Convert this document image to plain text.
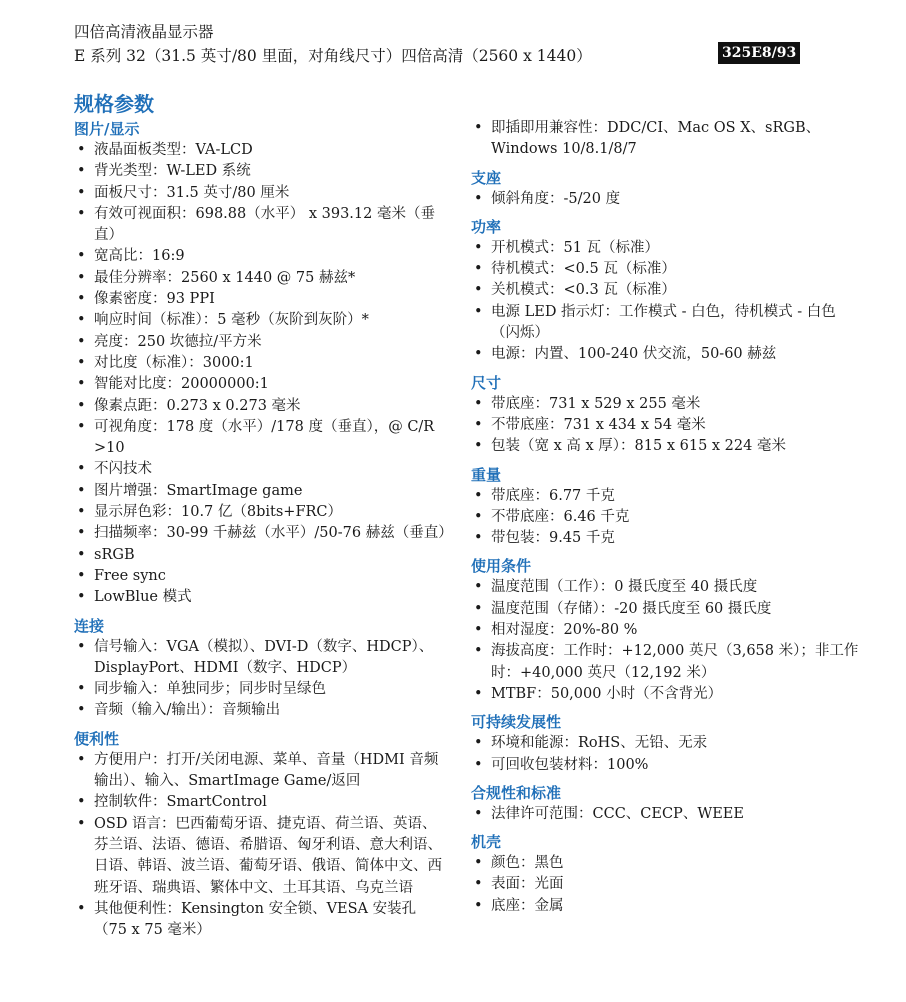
四倍高清液晶显示器
E 系列 32（31.5 英寸/80 里面，对角线尺寸）四倍高清（2560 x 1440）	325E8/93
规格参数
图片/显示
• 液晶面板类型：VA-LCD
• 背光类型：W-LED 系统
• 面板尺寸：31.5 英寸/80 厘米
• 有效可视面积：698.88（水平） x 393.12 毫米（垂直）
• 宽高比：16:9
• 最佳分辨率：2560 x 1440 @ 75 赫兹*
• 像素密度：93 PPI
• 响应时间（标准）：5 毫秒（灰阶到灰阶）*
• 亮度：250 坎德拉/平方米
• 对比度（标准）：3000:1
• 智能对比度：20000000:1
• 像素点距：0.273 x 0.273 毫米
• 可视角度：178 度（水平）/178 度（垂直），@ C/R >10
• 不闪技术
• 图片增强：SmartImage game
• 显示屏色彩：10.7 亿（8bits+FRC）
• 扫描频率：30-99 千赫兹（水平）/50-76 赫兹（垂直）
• sRGB
• Free sync
• LowBlue 模式
连接
• 信号输入：VGA（模拟）、DVI-D（数字、HDCP）、DisplayPort、HDMI（数字、HDCP）
• 同步输入：单独同步；同步时呈绿色
• 音频（输入/输出）：音频输出
便利性
• 方便用户：打开/关闭电源、菜单、音量（HDMI 音频输出）、输入、SmartImage Game/返回
• 控制软件：SmartControl
• OSD 语言：巴西葡萄牙语、捷克语、荷兰语、英语、芬兰语、法语、德语、希腊语、匈牙利语、意大利语、日语、韩语、波兰语、葡萄牙语、俄语、简体中文、西班牙语、瑞典语、繁体中文、土耳其语、乌克兰语
• 其他便利性：Kensington 安全锁、VESA 安装孔（75 x 75 毫米）
• 即插即用兼容性：DDC/CI、Mac OS X、sRGB、Windows 10/8.1/8/7
支座
• 倾斜角度：-5/20 度
功率
• 开机模式：51 瓦（标准）
• 待机模式：<0.5 瓦（标准）
• 关机模式：<0.3 瓦（标准）
• 电源 LED 指示灯：工作模式 - 白色，待机模式 - 白色（闪烁）
• 电源：内置、100-240 伏交流，50-60 赫兹
尺寸
• 带底座：731 x 529 x 255 毫米
• 不带底座：731 x 434 x 54 毫米
• 包装（宽 x 高 x 厚）：815 x 615 x 224 毫米
重量
• 带底座：6.77 千克
• 不带底座：6.46 千克
• 带包装：9.45 千克
使用条件
• 温度范围（工作）：0 摄氏度至 40 摄氏度
• 温度范围（存储）：-20 摄氏度至 60 摄氏度
• 相对湿度：20%-80 %
• 海拔高度：工作时：+12,000 英尺（3,658 米）；非工作时：+40,000 英尺（12,192 米）
• MTBF：50,000 小时（不含背光）
可持续发展性
• 环境和能源：RoHS、无铅、无汞
• 可回收包装材料：100%
合规性和标准
• 法律许可范围：CCC、CECP、WEEE
机壳
• 颜色：黑色
• 表面：光面
• 底座：金属
